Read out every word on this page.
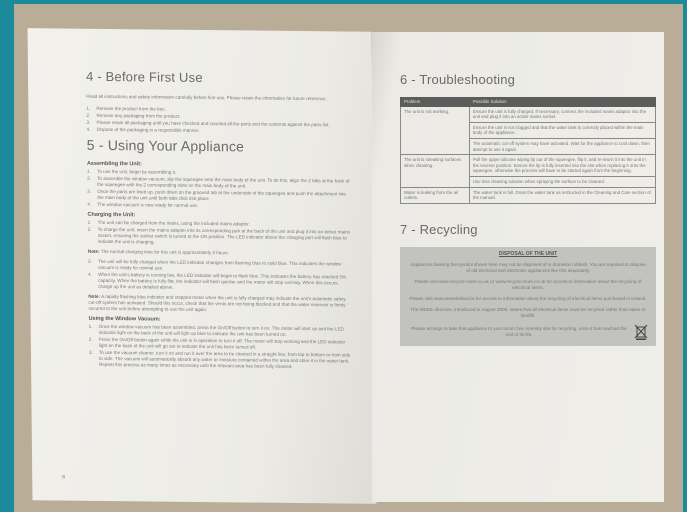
4 - Before First Use

Read all instructions and safety information carefully before first use. Please retain the information for future reference.

1. Remove the product from the box.
2. Remove any packaging from the product.
3. Please retain all packaging until you have checked and counted all the parts and the contents against the parts list.
4. Dispose of the packaging in a responsible manner.
5 - Using Your Appliance
Assembling the Unit:
1. To use the unit, begin by assembling it.
2. To assemble the window vacuum, slip the squeegee onto the main body of the unit. To do this, align the 2 tabs at the back of the squeegee with the 2 corresponding slots on the main body of the unit.
3. Once the parts are lined up, push down on the grooved tab at the underside of the squeegee and push the attachment into the main body of the unit until both tabs click into place.
4. The window vacuum is now ready for normal use.
Charging the Unit:
1. The unit can be charged from the mains, using the included mains adaptor.
2. To charge the unit, insert the mains adaptor into its corresponding jack at the back of the unit and plug it into an active mains socket, ensuring the socket switch is turned to the ON position. The LED indicator above the charging port will flash blue to indicate the unit is charging.

Note: The normal charging time for this unit is approximately 3 hours.

3. The unit will be fully charged when the LED indicator changes from flashing blue to solid blue. This indicates the window vacuum is ready for normal use.
4. When the unit's battery is running low, the LED indicator will begin to flash blue. This indicates the battery has reached 5% capacity. When the battery is fully flat, the indicator will flash quicker and the motor will stop running. When this occurs, charge up the unit as detailed above.

Note: A rapidly flashing blue indicator and stopped motor when the unit is fully charged may indicate the unit's automatic safety cut-off system has activated. Should this occur, check that the vents are not being blocked and that the water reservoir is firmly secured to the unit before attempting to use the unit again.

Using the Window Vacuum:
1. Once the window vacuum has been assembled, press the On/Off button to turn it on. The motor will start up and the LED indicator light on the back of the unit will light up blue to indicate the unit has been turned on.
2. Press the On/Off button again while the unit is in operation to turn it off. The motor will stop working and the LED indicator light on the back of the unit will go out to indicate the unit has been turned off.
3. To use the vacuum cleaner, turn it on and run it over the area to be cleaned in a straight line, from top to bottom or from side to side. The vacuum will automatically absorb any water or moisture contained within the area and store it in the water tank. Repeat this process as many times as necessary until the relevant area has been fully cleaned.
8
6 - Troubleshooting
Problem	Possible Solution
The unit is not working.	Ensure the unit is fully charged. If necessary, connect the included mains adaptor into the unit and plug it into an active mains socket.
	Ensure the unit is not clogged and that the water tank is correctly placed within the main body of the appliance.
	The automatic cut-off system may have activated. Wait for the appliance to cool down, then attempt to use it again.
The unit is streaking surfaces when cleaning.	Pull the upper silicone wiping lip out of the squeegee, flip it, and re-insert it into the unit in the reverse position. Ensure the lip is fully inserted into the slot when replacing it onto the squeegee, otherwise the process will have to be started again from the beginning.
	Use less cleaning solution when spraying the surface to be cleaned.
Water is leaking from the air outlets.	The water tank is full. Drain the water tank as instructed in the Cleaning and Care section of the manual.
7 - Recycling
DISPOSAL OF THE UNIT

Appliances bearing the symbol shown here may not be disposed of in domestic rubbish. You are required to dispose of old electrical and electronic appliances like this separately.

Please visit www.recycle-more.co.uk or www.recycle-more.co.uk for access to information about the recycling of electrical items.

Please visit www.weeeireland.ie for access to information about the recycling of electrical items purchased in Ireland.

The WEEE directive, introduced in August 2005, states that all electrical items must be recycled rather than taken to landfill.

Please arrange to take this appliance to your local Civic Amenity site for recycling, once it has reached the end of its life.
